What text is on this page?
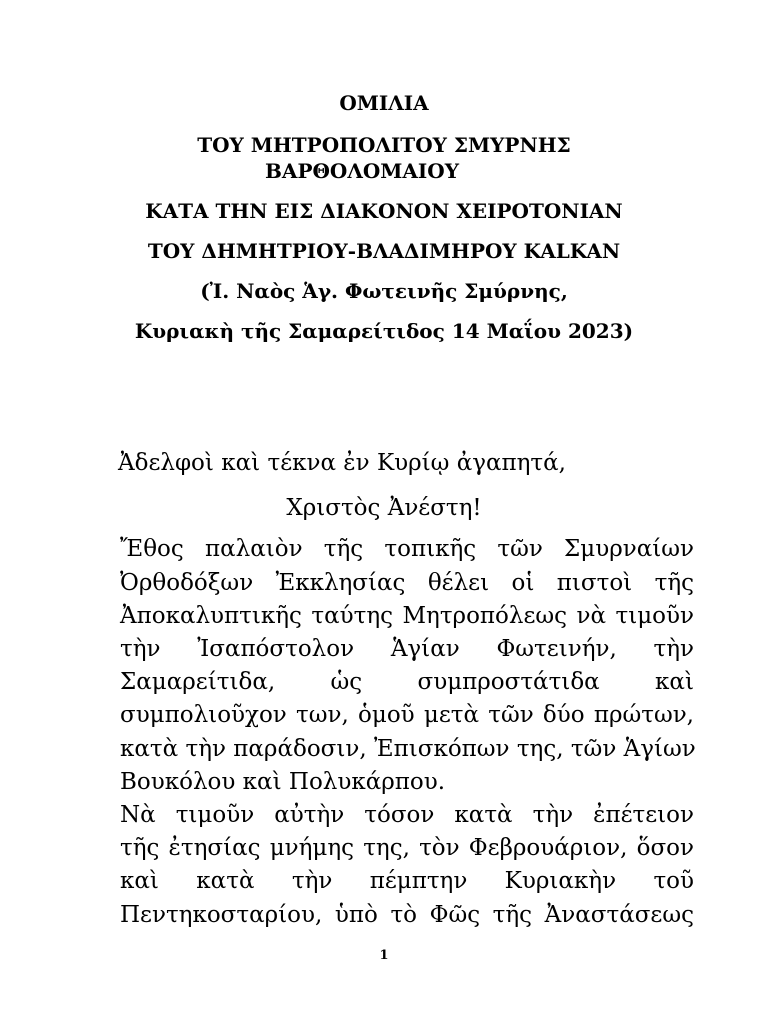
ΟΜΙΛΙΑ
ΤΟΥ ΜΗΤΡΟΠΟΛΙΤΟΥ ΣΜΥΡΝΗΣ
ΒΑΡΘΟΛΟΜΑΙΟΥ
ΚΑΤΑ ΤΗΝ ΕΙΣ ΔΙΑΚΟΝΟΝ ΧΕΙΡΟΤΟΝΙΑΝ
ΤΟΥ ΔΗΜΗΤΡΙΟΥ-ΒΛΑΔΙΜΗΡΟΥ KALKAN
(Ἰ. Ναὸς Ἁγ. Φωτεινῆς Σμύρνης,
Κυριακὴ τῆς Σαμαρείτιδος 14 Μαΐου 2023)
Ἀδελφοὶ καὶ τέκνα ἐν Κυρίῳ ἀγαπητά,
Χριστὸς Ἀνέστη!
Ἔθος παλαιὸν τῆς τοπικῆς τῶν Σμυρναίων
Ὀρθοδόξων Ἐκκλησίας θέλει οἱ πιστοὶ τῆς
Ἀποκαλυπτικῆς ταύτης Μητροπόλεως νὰ τιμοῦν
τὴν Ἰσαπόστολον Ἁγίαν Φωτεινήν, τὴν
Σαμαρείτιδα, ὡς συμπροστάτιδα καὶ
συμπολιοῦχον των, ὁμοῦ μετὰ τῶν δύο πρώτων,
κατὰ τὴν παράδοσιν, Ἐπισκόπων της, τῶν Ἁγίων
Βουκόλου καὶ Πολυκάρπου.
Νὰ τιμοῦν αὐτὴν τόσον κατὰ τὴν ἐπέτειον
τῆς ἐτησίας μνήμης της, τὸν Φεβρουάριον, ὅσον
καὶ κατὰ τὴν πέμπτην Κυριακὴν τοῦ
Πεντηκοσταρίου, ὑπὸ τὸ Φῶς τῆς Ἀναστάσεως
1
